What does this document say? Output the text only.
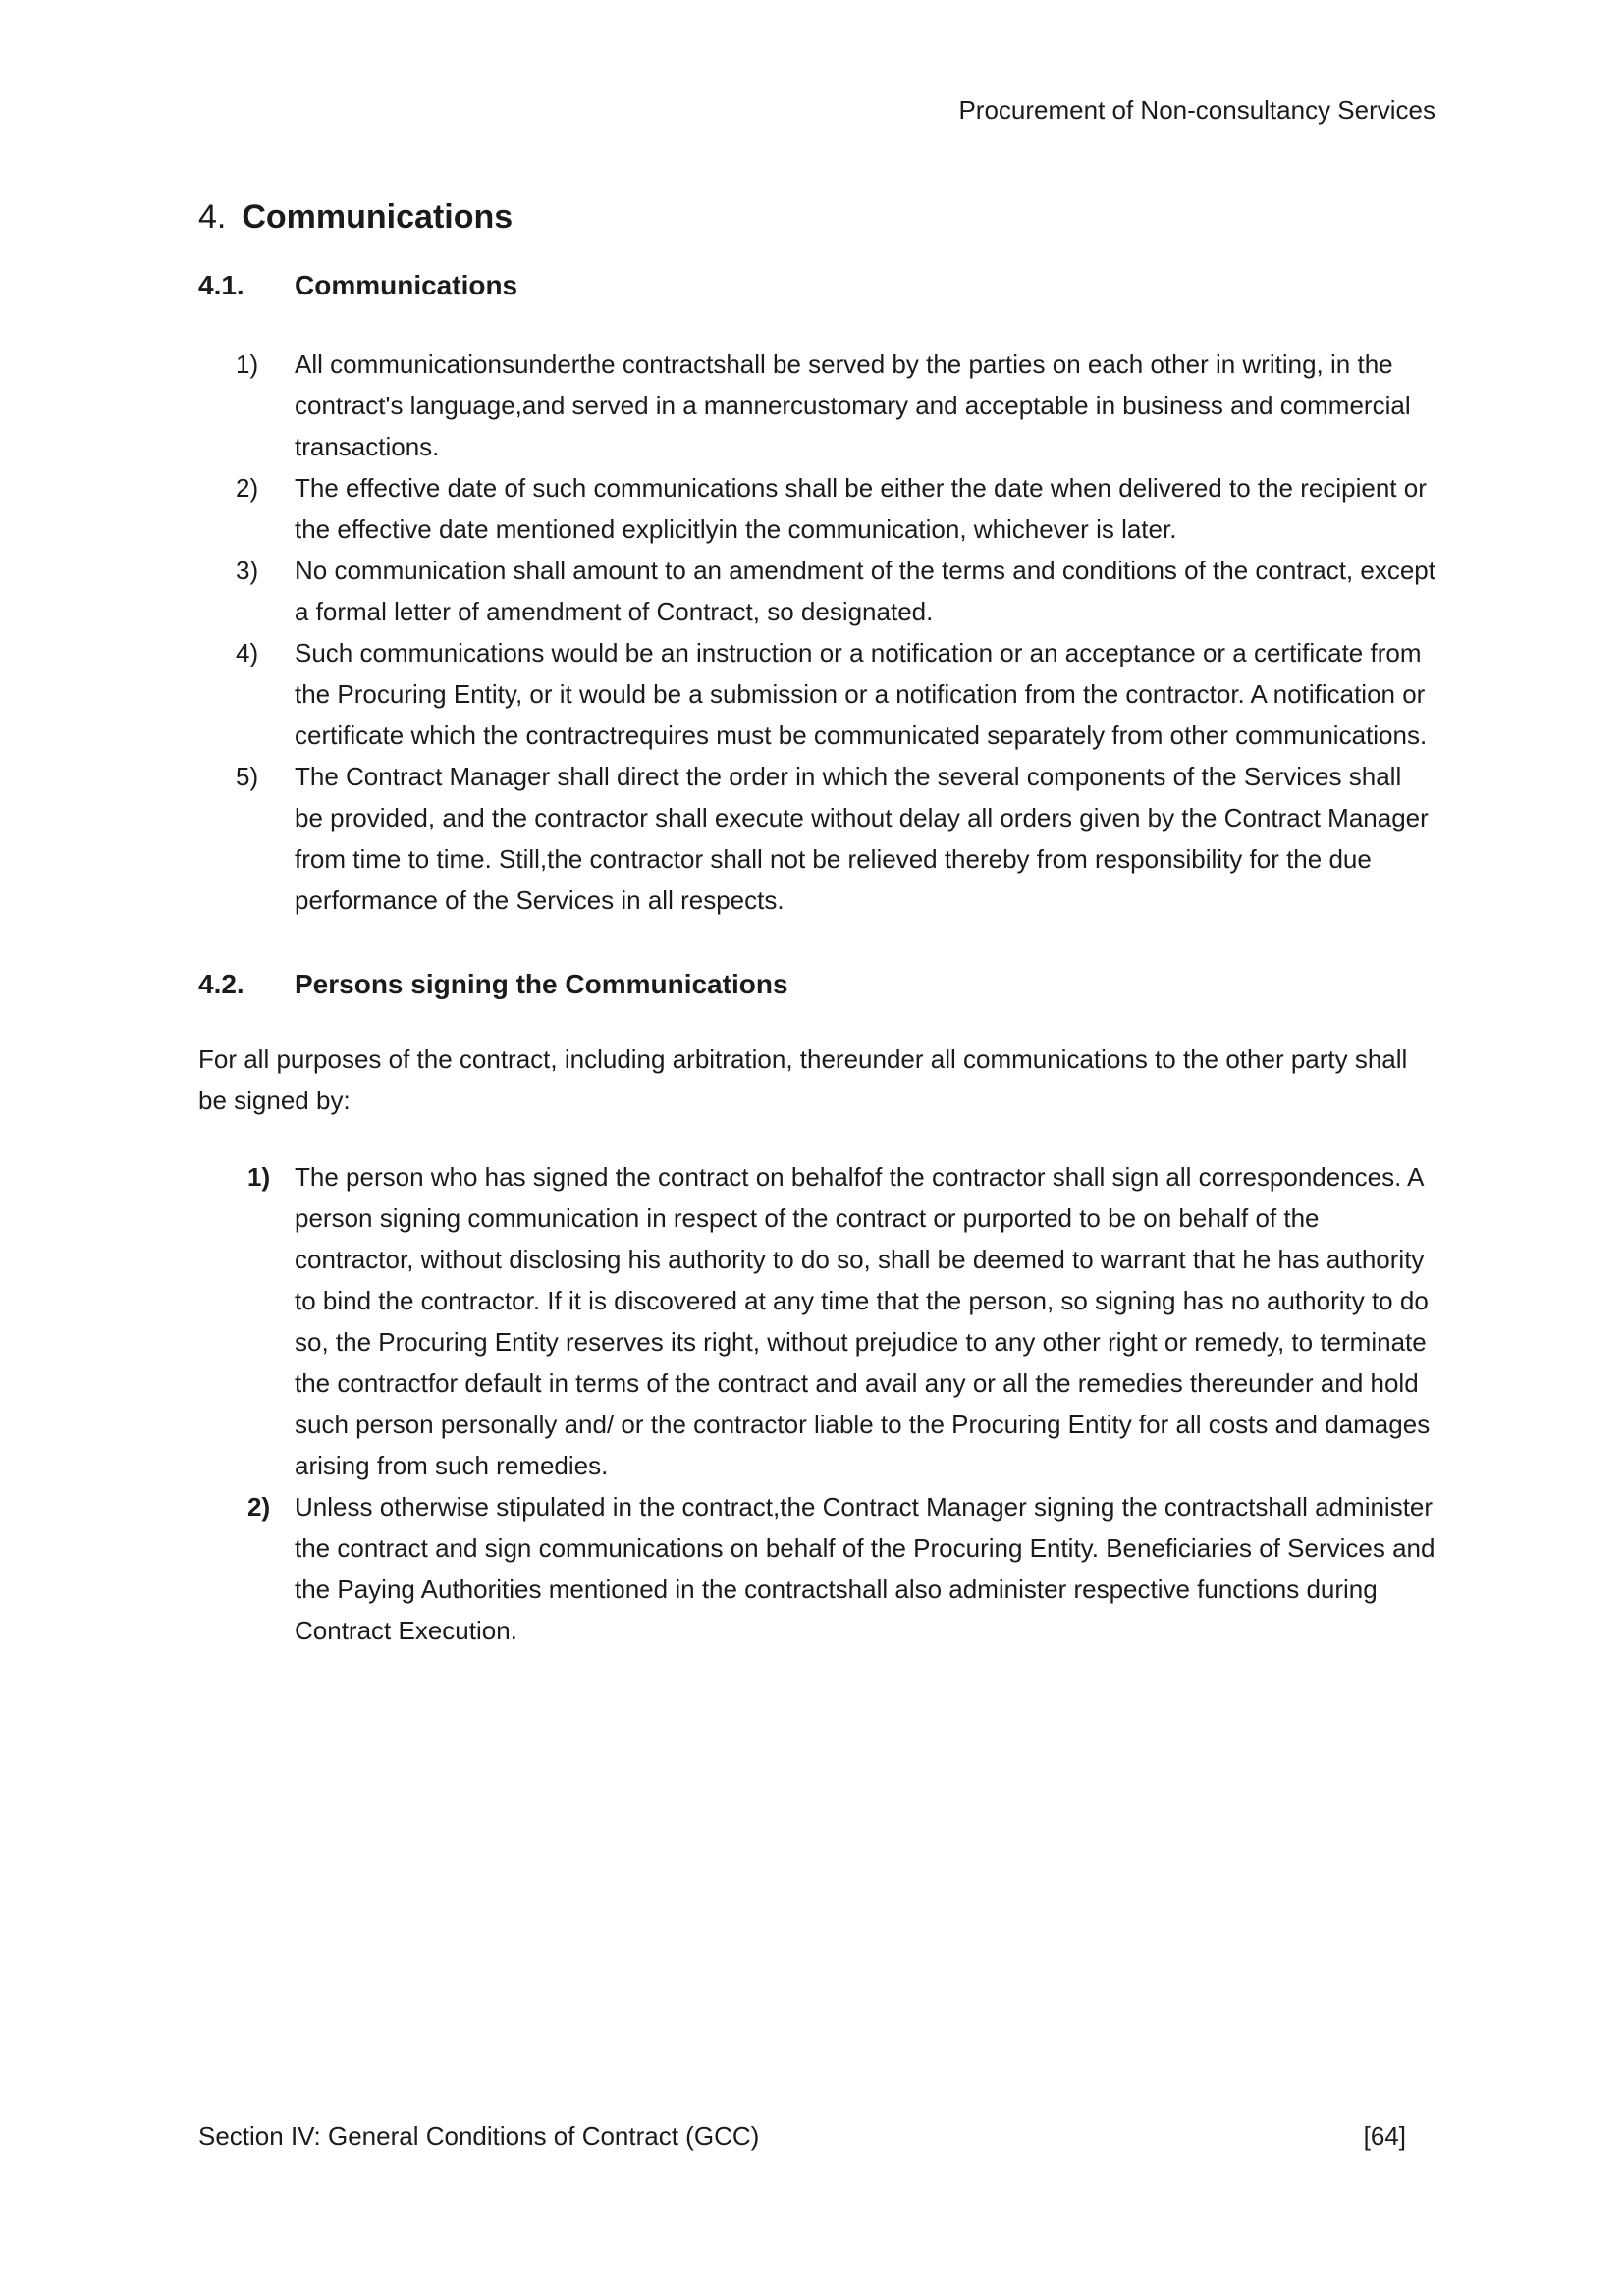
Procurement of Non-consultancy Services
4. Communications
4.1.	Communications
1)	All communicationsunderthe contractshall be served by the parties on each other in writing, in the contract's language,and served in a mannercustomary and acceptable in business and commercial transactions.
2)	The effective date of such communications shall be either the date when delivered to the recipient or the effective date mentioned explicitlyin the communication, whichever is later.
3)	No communication shall amount to an amendment of the terms and conditions of the contract, except a formal letter of amendment of Contract, so designated.
4)	Such communications would be an instruction or a notification or an acceptance or a certificate from the Procuring Entity, or it would be a submission or a notification from the contractor. A notification or certificate which the contractrequires must be communicated separately from other communications.
5)	The Contract Manager shall direct the order in which the several components of the Services shall be provided, and the contractor shall execute without delay all orders given by the Contract Manager from time to time. Still,the contractor shall not be relieved thereby from responsibility for the due performance of the Services in all respects.
4.2.	Persons signing the Communications

For all purposes of the contract, including arbitration, thereunder all communications to the other party shall be signed by:

1) The person who has signed the contract on behalfof the contractor shall sign all correspondences. A person signing communication in respect of the contract or purported to be on behalf of the contractor, without disclosing his authority to do so, shall be deemed to warrant that he has authority to bind the contractor. If it is discovered at any time that the person, so signing has no authority to do so, the Procuring Entity reserves its right, without prejudice to any other right or remedy, to terminate the contractfor default in terms of the contract and avail any or all the remedies thereunder and hold such person personally and/ or the contractor liable to the Procuring Entity for all costs and damages arising from such remedies.
2) Unless otherwise stipulated in the contract,the Contract Manager signing the contractshall administer the contract and sign communications on behalf of the Procuring Entity. Beneficiaries of Services and the Paying Authorities mentioned in the contractshall also administer respective functions during Contract Execution.
Section IV: General Conditions of Contract (GCC)	[64]
